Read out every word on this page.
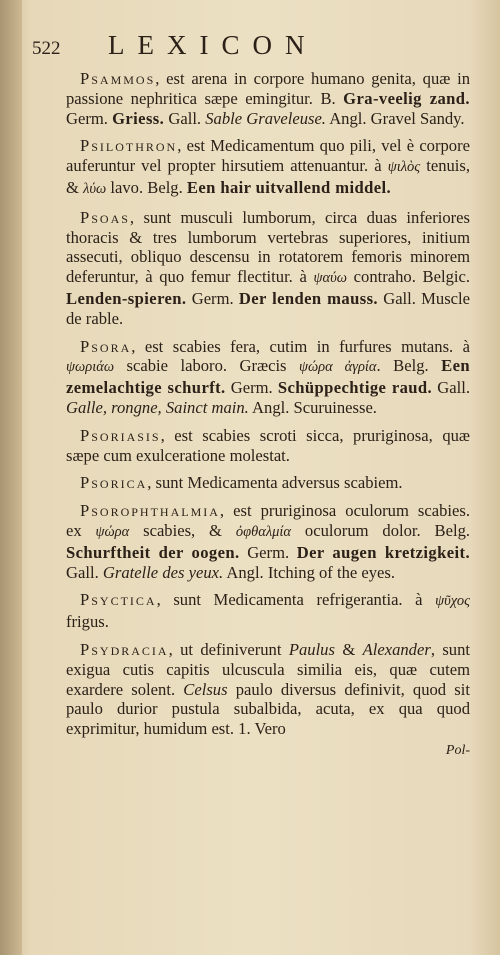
522	LEXICON

Psammos, est arena in corpore humano genita, quæ in passione nephritica sæpe emingitur. B. Gra-veelig zand. Germ. Griess. Gall. Sable Graveleuse. Angl. Gravel Sandy.

Psilothron, est Medicamentum quo pili, vel è corpore auferuntur vel propter hirsutiem attenuantur. à ψιλὸς tenuis, & λύω lavo. Belg. Een hair uitvallend middel.

Psoas, sunt musculi lumborum, circa duas inferiores thoracis & tres lumborum vertebras superiores, initium assecuti, obliquo descensu in rotatorem femoris minorem deferuntur, à quo femur flectitur. à ψαύω contraho. Belgic. Lenden-spieren. Germ. Der lenden mauss. Gall. Muscle de rable.

Psora, est scabies fera, cutim in furfures mutans. à ψωριάω scabie laboro. Græcis ψώρα ἀγρία. Belg. Een zemelachtige schurft. Germ. Schüppechtige raud. Gall. Galle, rongne, Sainct main. Angl. Scuruinesse.

Psoriasis, est scabies scroti sicca, pruriginosa, quæ sæpe cum exulceratione molestat.

Psorica, sunt Medicamenta adversus scabiem.

Psorophthalmia, est pruriginosa oculorum scabies. ex ψώρα scabies, & ὀφθαλμία oculorum dolor. Belg. Schurftheit der oogen. Germ. Der augen kretzigkeit. Gall. Gratelle des yeux. Angl. Itching of the eyes.

Psyctica, sunt Medicamenta refrigerantia. à ψῦχος frigus.

Psydracia, ut definiverunt Paulus & Alexander, sunt exigua cutis capitis ulcuscula similia eis, quæ cutem exardere solent. Celsus paulo diversus definivit, quod sit paulo durior pustula subalbida, acuta, ex qua quod exprimitur, humidum est. 1. Vero

Pol-
